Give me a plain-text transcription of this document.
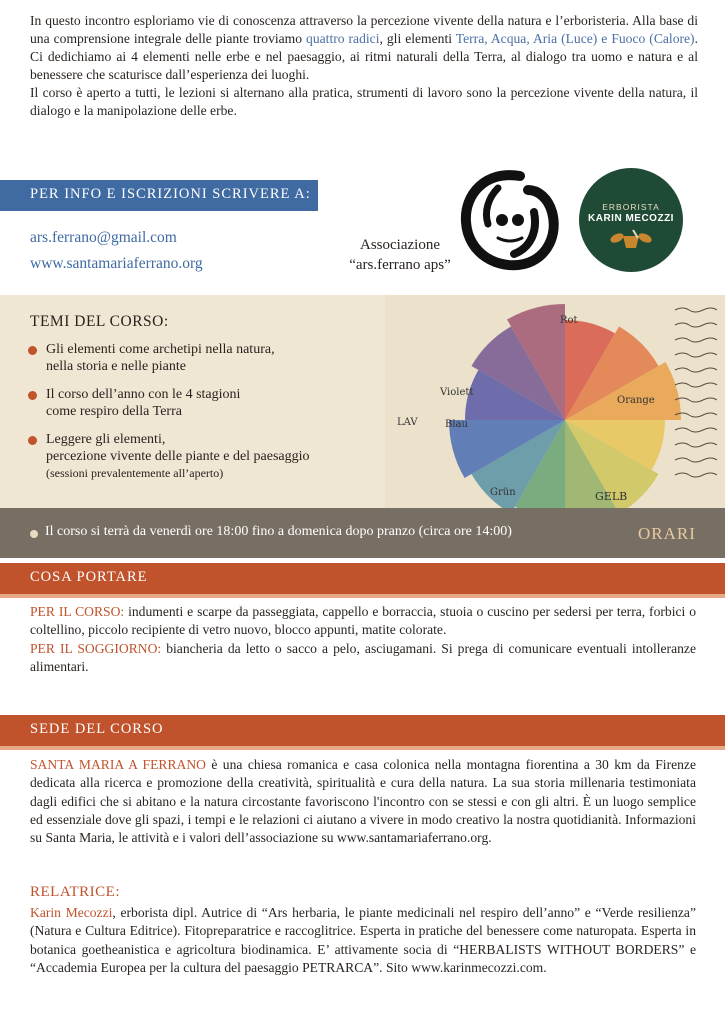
In questo incontro esploriamo vie di conoscenza attraverso la percezione vivente della natura e l’erboristeria. Alla base di una comprensione integrale delle piante troviamo quattro radici, gli elementi Terra, Acqua, Aria (Luce) e Fuoco (Calore). Ci dedichiamo ai 4 elementi nelle erbe e nel paesaggio, ai ritmi naturali della Terra, al dialogo tra uomo e natura e al benessere che scaturisce dall’esperienza dei luoghi.

Il corso è aperto a tutti, le lezioni si alternano alla pratica, strumenti di lavoro sono la percezione vivente della natura, il dialogo e la manipolazione delle erbe.

PER INFO E ISCRIZIONI SCRIVERE A:
ars.ferrano@gmail.com
www.santamariaferrano.org
Associazione
“ars.ferrano aps”
ERBORISTA
KARIN MECOZZI
Violett
Rot
Orange
Blau
Grün	GELB
LAV
TEMI DEL CORSO:
Gli elementi come archetipi nella natura,
nella storia e nelle piante
Il corso dell’anno con le 4 stagioni
come respiro della Terra
Leggere gli elementi,
percezione vivente delle piante e del paesaggio
(sessioni prevalentemente all’aperto)
Il corso si terrà da venerdì ore 18:00 fino a domenica dopo pranzo (circa ore 14:00)	ORARI
COSA PORTARE

PER IL CORSO: indumenti e scarpe da passeggiata, cappello e borraccia, stuoia o cuscino per sedersi per terra, forbici o coltellino, piccolo recipiente di vetro nuovo, blocco appunti, matite colorate.

PER IL SOGGIORNO: biancheria da letto o sacco a pelo, asciugamani. Si prega di comunicare eventuali intolleranze alimentari.

SEDE DEL CORSO

SANTA MARIA A FERRANO è una chiesa romanica e casa colonica nella montagna fiorentina a 30 km da Firenze dedicata alla ricerca e promozione della creatività, spiritualità e cura della natura. La sua storia millenaria testimoniata dagli edifici che si abitano e la natura circostante favoriscono l'incontro con se stessi e con gli altri. È un luogo semplice ed essenziale dove gli spazi, i tempi e le relazioni ci aiutano a vivere in modo creativo la nostra quotidianità. Informazioni su Santa Maria, le attività e i valori dell’associazione su www.santamariaferrano.org.

RELATRICE:

Karin Mecozzi, erborista dipl. Autrice di “Ars herbaria, le piante medicinali nel respiro dell’anno” e “Verde resilienza” (Natura e Cultura Editrice). Fitopreparatrice e raccoglitrice. Esperta in pratiche del benessere come naturopata. Esperta in botanica goetheanistica e agricoltura biodinamica. E’ attivamente socia di “HERBALISTS WITHOUT BORDERS” e “Accademia Europea per la cultura del paesaggio PETRARCA”. Sito www.karinmecozzi.com.
